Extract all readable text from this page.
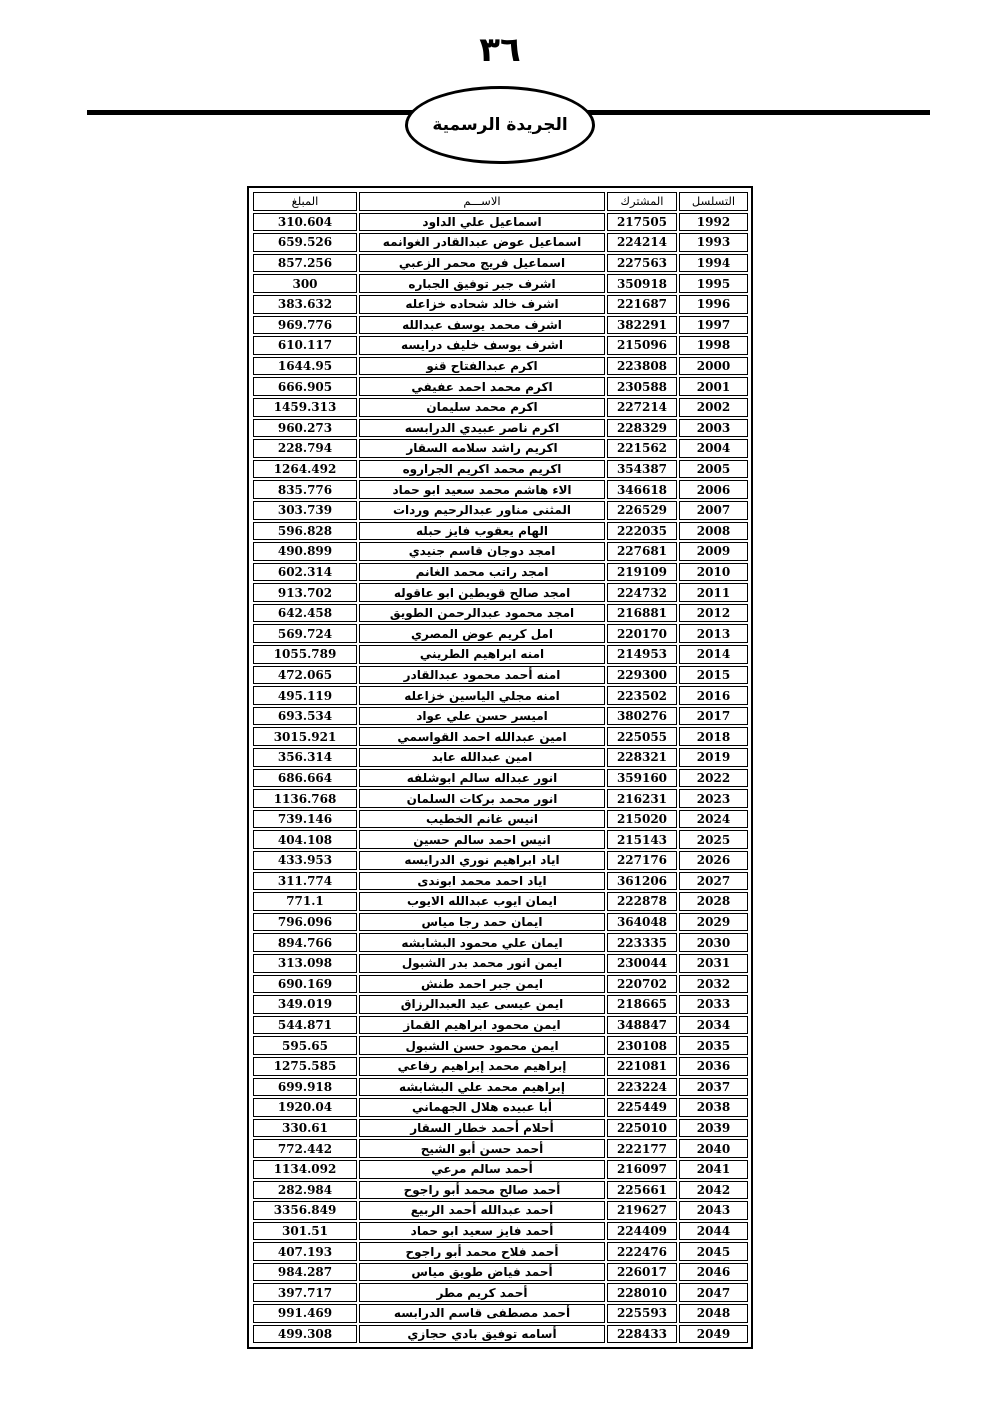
٣٦
الجريدة الرسمية
التسلسل	المشترك	الاســـم	المبلغ
1992	217505	اسماعيل علي الداود	310.604
1993	224214	اسماعيل عوض عبدالقادر الغوانمه	659.526
1994	227563	اسماعيل فريج محمر الزعبي	857.256
1995	350918	اشرف جبر توفيق الجباره	300
1996	221687	اشرف خالد شحاده خزاعله	383.632
1997	382291	اشرف محمد يوسف عبدالله	969.776
1998	215096	اشرف يوسف خليف درايسه	610.117
2000	223808	اكرم عبدالفتاح قنو	1644.95
2001	230588	اكرم محمد احمد عفيفي	666.905
2002	227214	اكرم محمد سليمان	1459.313
2003	228329	اكرم ناصر عبيدي الدرابسه	960.273
2004	221562	اكريم راشد سلامه السقار	228.794
2005	354387	اكريم محمد اكريم الجراروه	1264.492
2006	346618	الاء هاشم محمد سعيد ابو حماد	835.776
2007	226529	المثنى مناور عبدالرحيم وردات	303.739
2008	222035	الهام يعقوب فايز حبله	596.828
2009	227681	امجد دوجان قاسم جنيدي	490.899
2010	219109	امجد راتب محمد الغانم	602.314
2011	224732	امجد صالح قويطين ابو عاقوله	913.702
2012	216881	امجد محمود عبدالرحمن الطويق	642.458
2013	220170	امل كريم عوض المصري	569.724
2014	214953	امنه ابراهيم الطريني	1055.789
2015	229300	امنه أحمد محمود عبدالقادر	472.065
2016	223502	امنه مجلي الياسين خزاعله	495.119
2017	380276	اميسر حسن علي عواد	693.534
2018	225055	امين عبدالله احمد القواسمي	3015.921
2019	228321	امين عبدالله عابد	356.314
2022	359160	انور عبداله سالم ابوشلفه	686.664
2023	216231	انور محمد بركات السلمان	1136.768
2024	215020	انيس غانم الخطيب	739.146
2025	215143	انيس احمد سالم حسين	404.108
2026	227176	اياد ابراهيم نوري الدرايسه	433.953
2027	361206	اياد احمد محمد ابوندى	311.774
2028	222878	ايمان ايوب عبدالله الايوب	771.1
2029	364048	ايمان حمد رجا مياس	796.096
2030	223335	ايمان علي محمود البشابشه	894.766
2031	230044	ايمن انور محمد بدر الشبول	313.098
2032	220702	ايمن جبر احمد طنش	690.169
2033	218665	ايمن عيسى عيد العبدالرزاق	349.019
2034	348847	ايمن محمود ابراهيم القماز	544.871
2035	230108	ايمن محمود حسن الشبول	595.65
2036	221081	إبراهيم محمد إبراهيم رفاعي	1275.585
2037	223224	إبراهيم محمد علي البشابشه	699.918
2038	225449	أبا عبيده هلال الجهماني	1920.04
2039	225010	أحلام أحمد خطار السقار	330.61
2040	222177	أحمد حسن أبو الشيح	772.442
2041	216097	أحمد سالم مرعي	1134.092
2042	225661	أحمد صالح محمد أبو راجوح	282.984
2043	219627	أحمد عبدالله أحمد الربيع	3356.849
2044	224409	أحمد فايز سعيد ابو حماد	301.51
2045	222476	أحمد فلاح محمد أبو راجوح	407.193
2046	226017	أحمد فياض طويق مياس	984.287
2047	228010	أحمد كريم مطر	397.717
2048	225593	أحمد مصطفى قاسم الدرابسه	991.469
2049	228433	أسامه توفيق بادي حجازي	499.308
